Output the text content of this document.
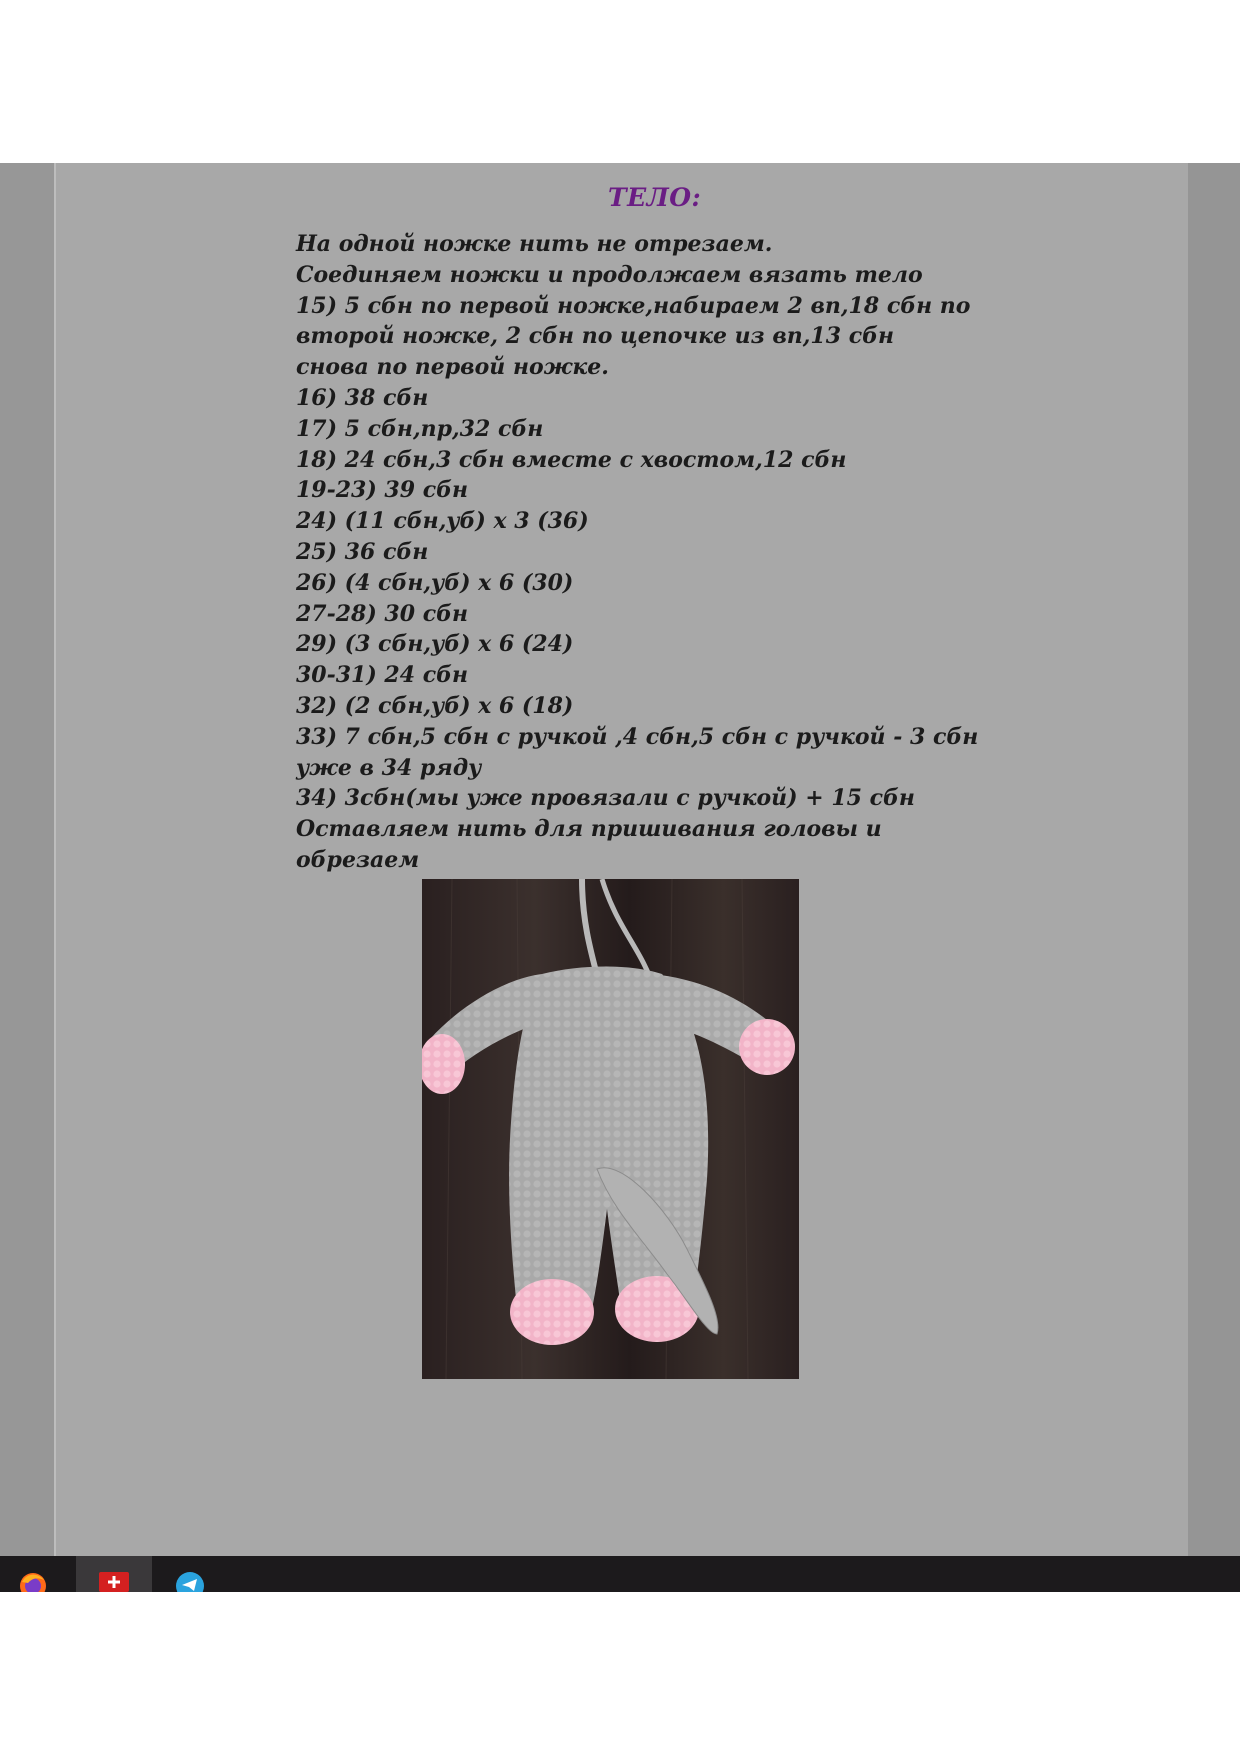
ТЕЛО:
На одной ножке нить не отрезаем.
Соединяем ножки и продолжаем вязать тело
15) 5 сбн по первой ножке,набираем 2 вп,18 сбн по
второй ножке, 2 сбн по цепочке из вп,13 сбн
снова по первой ножке.
16) 38 сбн
17) 5 сбн,пр,32 сбн
18) 24 сбн,3 сбн вместе с хвостом,12 сбн
19-23) 39 сбн
24) (11 сбн,уб) х 3 (36)
25) 36 сбн
26) (4 сбн,уб) х 6 (30)
27-28) 30 сбн
29) (3 сбн,уб) х 6 (24)
30-31) 24 сбн
32) (2 сбн,уб) х 6 (18)
33) 7 сбн,5 сбн с ручкой ,4 сбн,5 сбн с ручкой - 3 сбн
уже в 34 ряду
34) 3сбн(мы уже провязали с ручкой) + 15 сбн
Оставляем нить для пришивания головы и
обрезаем
